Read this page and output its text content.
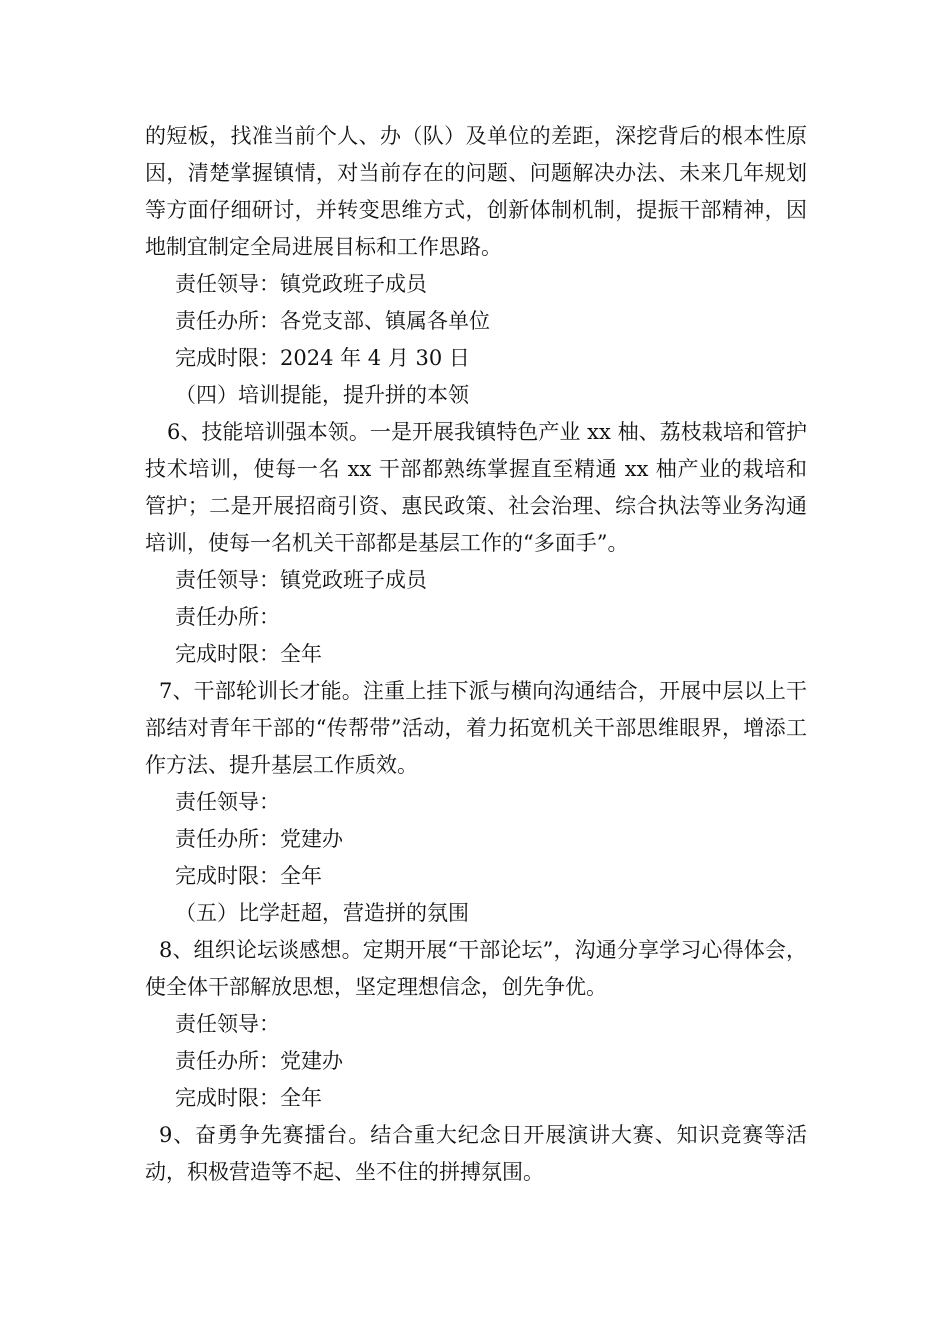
的短板，找准当前个人、办（队）及单位的差距，深挖背后的根本性原因，清楚掌握镇情，对当前存在的问题、问题解决办法、未来几年规划等方面仔细研讨，并转变思维方式，创新体制机制，提振干部精神，因地制宜制定全局进展目标和工作思路。

责任领导：镇党政班子成员

责任办所：各党支部、镇属各单位

完成时限：2024 年 4 月 30 日

（四）培训提能，提升拼的本领

6、技能培训强本领。一是开展我镇特色产业 xx 柚、荔枝栽培和管护技术培训，使每一名 xx 干部都熟练掌握直至精通 xx 柚产业的栽培和管护；二是开展招商引资、惠民政策、社会治理、综合执法等业务沟通培训，使每一名机关干部都是基层工作的“多面手”。

责任领导：镇党政班子成员

责任办所：

完成时限：全年

7、干部轮训长才能。注重上挂下派与横向沟通结合，开展中层以上干部结对青年干部的“传帮带”活动，着力拓宽机关干部思维眼界，增添工作方法、提升基层工作质效。

责任领导：

责任办所：党建办

完成时限：全年

（五）比学赶超，营造拼的氛围

8、组织论坛谈感想。定期开展“干部论坛”，沟通分享学习心得体会，使全体干部解放思想，坚定理想信念，创先争优。

责任领导：

责任办所：党建办

完成时限：全年

9、奋勇争先赛擂台。结合重大纪念日开展演讲大赛、知识竞赛等活动，积极营造等不起、坐不住的拼搏氛围。
